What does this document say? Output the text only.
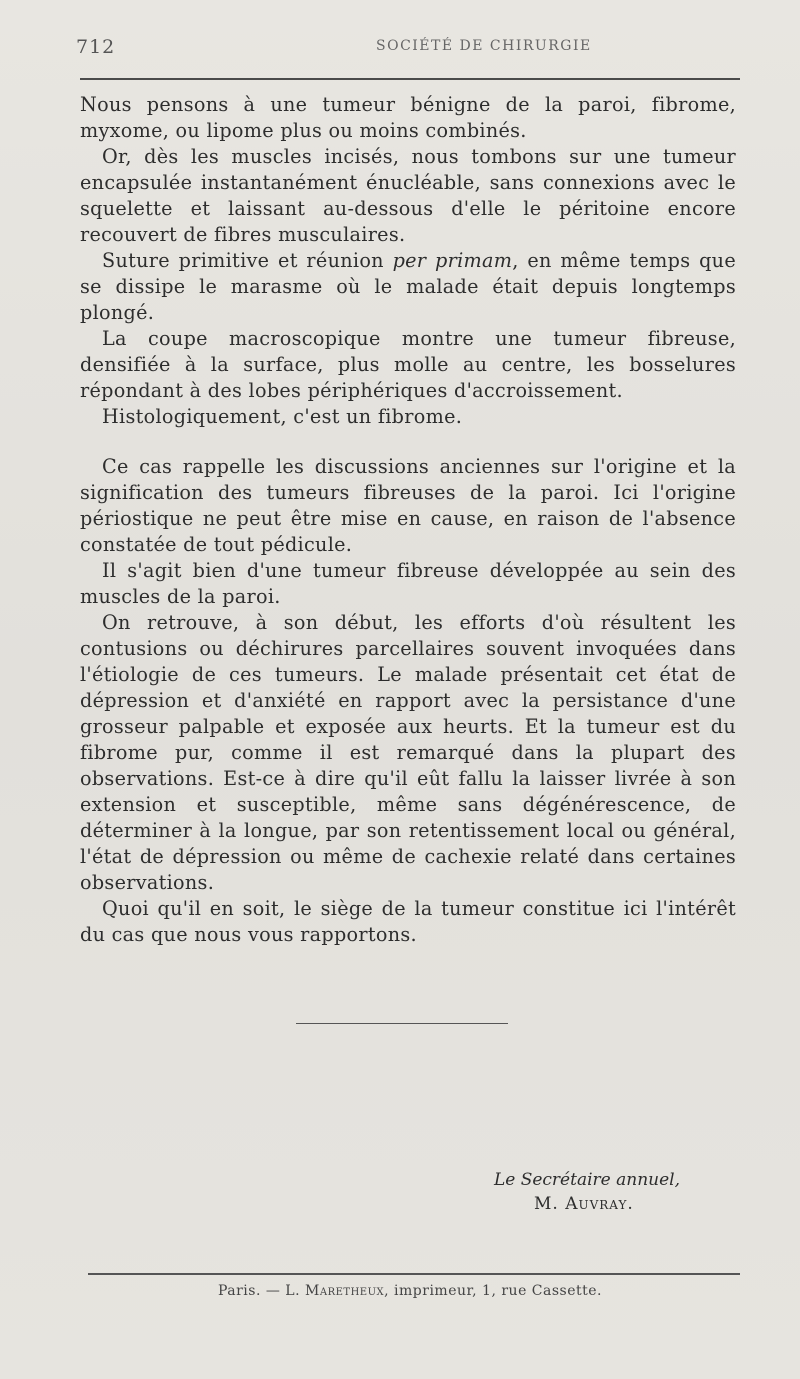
712	SOCIÉTÉ DE CHIRURGIE

Nous pensons à une tumeur bénigne de la paroi, fibrome, myxome, ou lipome plus ou moins combinés.

Or, dès les muscles incisés, nous tombons sur une tumeur encapsulée instantanément énucléable, sans connexions avec le squelette et laissant au-dessous d'elle le péritoine encore recouvert de fibres musculaires.

Suture primitive et réunion per primam, en même temps que se dissipe le marasme où le malade était depuis longtemps plongé.

La coupe macroscopique montre une tumeur fibreuse, densifiée à la surface, plus molle au centre, les bosselures répondant à des lobes périphériques d'accroissement.

Histologiquement, c'est un fibrome.

Ce cas rappelle les discussions anciennes sur l'origine et la signification des tumeurs fibreuses de la paroi. Ici l'origine périostique ne peut être mise en cause, en raison de l'absence constatée de tout pédicule.

Il s'agit bien d'une tumeur fibreuse développée au sein des muscles de la paroi.

On retrouve, à son début, les efforts d'où résultent les contusions ou déchirures parcellaires souvent invoquées dans l'étiologie de ces tumeurs. Le malade présentait cet état de dépression et d'anxiété en rapport avec la persistance d'une grosseur palpable et exposée aux heurts. Et la tumeur est du fibrome pur, comme il est remarqué dans la plupart des observations. Est-ce à dire qu'il eût fallu la laisser livrée à son extension et susceptible, même sans dégénérescence, de déterminer à la longue, par son retentissement local ou général, l'état de dépression ou même de cachexie relaté dans certaines observations.

Quoi qu'il en soit, le siège de la tumeur constitue ici l'intérêt du cas que nous vous rapportons.

Le Secrétaire annuel,
M. Auvray.
Paris. — L. Maretheux, imprimeur, 1, rue Cassette.
